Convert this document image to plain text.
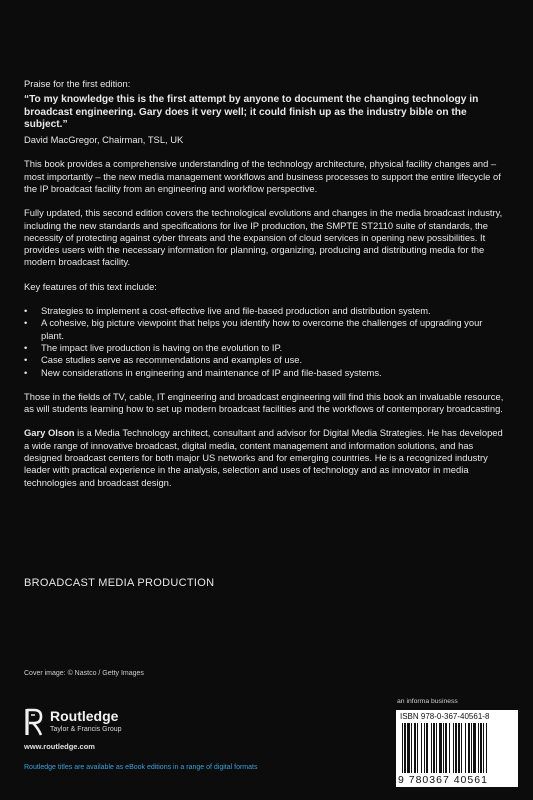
Praise for the first edition:

“To my knowledge this is the first attempt by anyone to document the changing technology in broadcast engineering. Gary does it very well; it could finish up as the industry bible on the subject.”

David MacGregor, Chairman, TSL, UK

This book provides a comprehensive understanding of the technology architecture, physical facility changes and – most importantly – the new media management workflows and business processes to support the entire lifecycle of the IP broadcast facility from an engineering and workflow perspective.

Fully updated, this second edition covers the technological evolutions and changes in the media broadcast industry, including the new standards and specifications for live IP production, the SMPTE ST2110 suite of standards, the necessity of protecting against cyber threats and the expansion of cloud services in opening new possibilities. It provides users with the necessary information for planning, organizing, producing and distributing media for the modern broadcast facility.

Key features of this text include:

• Strategies to implement a cost-effective live and file-based production and distribution system.
• A cohesive, big picture viewpoint that helps you identify how to overcome the challenges of upgrading your plant.
• The impact live production is having on the evolution to IP.
• Case studies serve as recommendations and examples of use.
• New considerations in engineering and maintenance of IP and file-based systems.

Those in the fields of TV, cable, IT engineering and broadcast engineering will find this book an invaluable resource, as will students learning how to set up modern broadcast facilities and the workflows of contemporary broadcasting.

Gary Olson is a Media Technology architect, consultant and advisor for Digital Media Strategies. He has developed a wide range of innovative broadcast, digital media, content management and information solutions, and has designed broadcast centers for both major US networks and for emerging countries. He is a recognized industry leader with practical experience in the analysis, selection and uses of technology and as innovator in media technologies and broadcast design.

BROADCAST MEDIA PRODUCTION
Cover image: © Nastco / Getty Images
Routledge
Taylor & Francis Group
www.routledge.com
Routledge titles are available as eBook editions in a range of digital formats
an informa business
ISBN 978-0-367-40561-8
9 780367 40561
